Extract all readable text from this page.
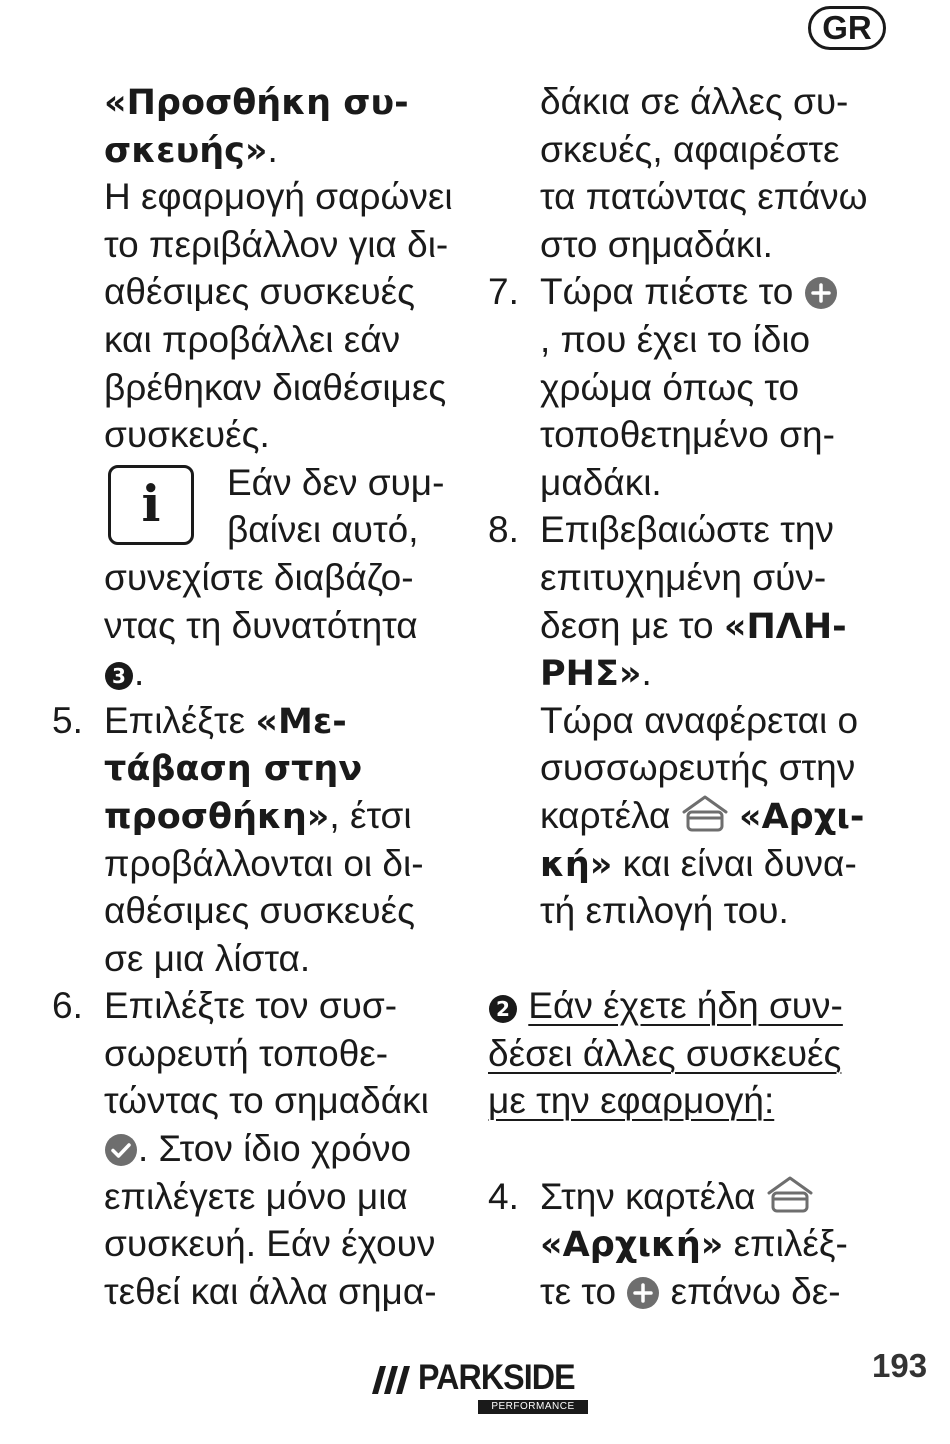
GR
«Προσθήκη συ-
σκευής».
Η εφαρμογή σαρώνει
το περιβάλλον για δι-
αθέσιμες συσκευές
και προβάλλει εάν
βρέθηκαν διαθέσιμες
συσκευές.
i	Εάν δεν συμ-
βαίνει αυτό,
συνεχίστε διαβάζο-
ντας τη δυνατότητα
3 .
5. Επιλέξτε «Με-
τάβαση στην
προσθήκη», έτσι
προβάλλονται οι δι-
αθέσιμες συσκευές
σε μια λίστα.
6. Επιλέξτε τον συσ-
σωρευτή τοποθε-
τώντας το σημαδάκι
. Στον ίδιο χρόνο
επιλέγετε μόνο μια
συσκευή. Εάν έχουν
τεθεί και άλλα σημα-
δάκια σε άλλες συ-
σκευές, αφαιρέστε
τα πατώντας επάνω
στο σημαδάκι.
7. Τώρα πιέστε το
, που έχει το ίδιο
χρώμα όπως το
τοποθετημένο ση-
μαδάκι.
8. Επιβεβαιώστε την
επιτυχημένη σύν-
δεση με το «ΠΛΗ-
ΡΗΣ».
Τώρα αναφέρεται ο
συσσωρευτής στην
καρτέλα  «Αρχι-
κή» και είναι δυνα-
τή επιλογή του.
2 Εάν έχετε ήδη συν-
δέσει άλλες συσκευές
με την εφαρμογή:
4. Στην καρτέλα
«Αρχική» επιλέξ-
τε το  επάνω δε-
PARKSIDE
PERFORMANCE
193
